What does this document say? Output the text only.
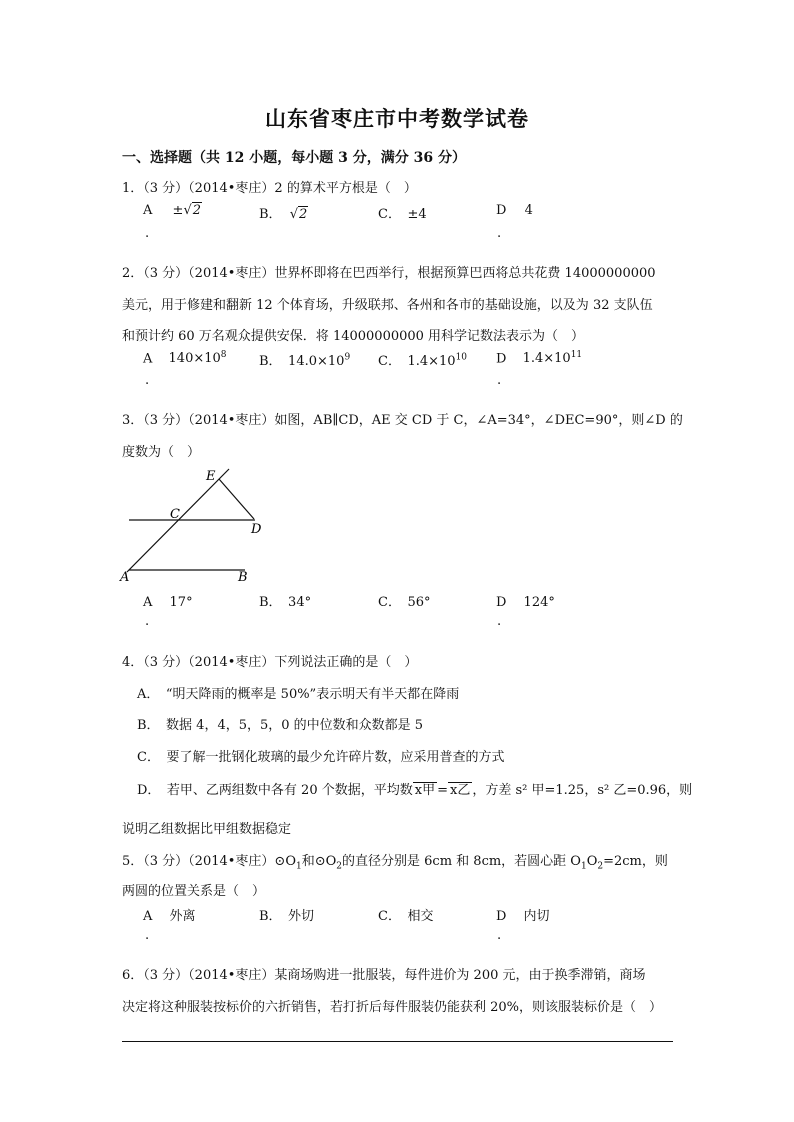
山东省枣庄市中考数学试卷
一、选择题（共 12 小题，每小题 3 分，满分 36 分）
1．（3 分）（2014•枣庄）2 的算术平方根是（　）
A ±√2	B． √2	C．　±4	D 4
.	.
2．（3 分）（2014•枣庄）世界杯即将在巴西举行，根据预算巴西将总共花费 14000000000
美元，用于修建和翻新 12 个体育场，升级联邦、各州和各市的基础设施，以及为 32 支队伍
和预计约 60 万名观众提供安保．将 14000000000 用科学记数法表示为（　）
A $140\times 10^8$ B．　$14.0\times 10^9$ C．　$1.4\times 10^{10}$ D $1.4\times 10^{11}$
.	.
3．（3 分）（2014•枣庄）如图，AB∥CD，AE 交 CD 于 C，∠A=34°，∠DEC=90°，则∠D 的
度数为（　）
E
C
D
A	B
A　 17°	B．　34°	C．　56°	D　 124°
.	.
4．（3 分）（2014•枣庄）下列说法正确的是（　）
A．　“明天降雨的概率是 50%”表示明天有半天都在降雨
B．　数据 4，4，5，5，0 的中位数和众数都是 5
C．　要了解一批钢化玻璃的最少允许碎片数，应采用普查的方式
D．　若甲、乙两组数中各有 20 个数据，平均数 x甲 = x乙 ，方差 s² 甲=1.25，s² 乙=0.96，则
说明乙组数据比甲组数据稳定
5．（3 分）（2014•枣庄）$⊙O_1$和$⊙O_2$的直径分别是 6cm 和 8cm，若圆心距 $O_1O_2=2cm$，则
两圆的位置关系是（　）
A　 外离	B．　外切	C．　相交	D　 内切
.	.
6．（3 分）（2014•枣庄）某商场购进一批服装，每件进价为 200 元，由于换季滞销，商场
决定将这种服装按标价的六折销售，若打折后每件服装仍能获利 20%，则该服装标价是（　）
